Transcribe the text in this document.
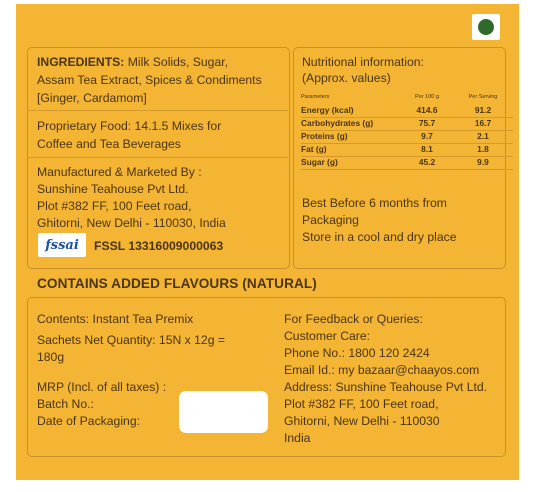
INGREDIENTS: Milk Solids, Sugar,
Assam Tea Extract, Spices & Condiments
[Ginger, Cardamom]
Proprietary Food: 14.1.5 Mixes for
Coffee and Tea Beverages
Manufactured & Marketed By :
Sunshine Teahouse Pvt Ltd.
Plot #382 FF, 100 Feet road,
Ghitorni, New Delhi - 110030, India
fssai	FSSL 13316009000063
Nutritional information:
(Approx. values)
Parameters	Per 100 g	Per Serving
Energy (kcal)	414.6	91.2
Carbohydrates (g)	75.7	16.7
Proteins (g)	9.7	2.1
Fat (g)	8.1	1.8
Sugar (g)	45.2	9.9
Best Before 6 months from
Packaging
Store in a cool and dry place
CONTAINS ADDED FLAVOURS (NATURAL)
Contents: Instant Tea Premix
Sachets Net Quantity: 15N x 12g =
180g
MRP (Incl. of all taxes) :
Batch No.:
Date of Packaging:
For Feedback or Queries:
Customer Care:
Phone No.: 1800 120 2424
Email Id.: my bazaar@chaayos.com
Address: Sunshine Teahouse Pvt Ltd.
Plot #382 FF, 100 Feet road,
Ghitorni, New Delhi - 110030
India
